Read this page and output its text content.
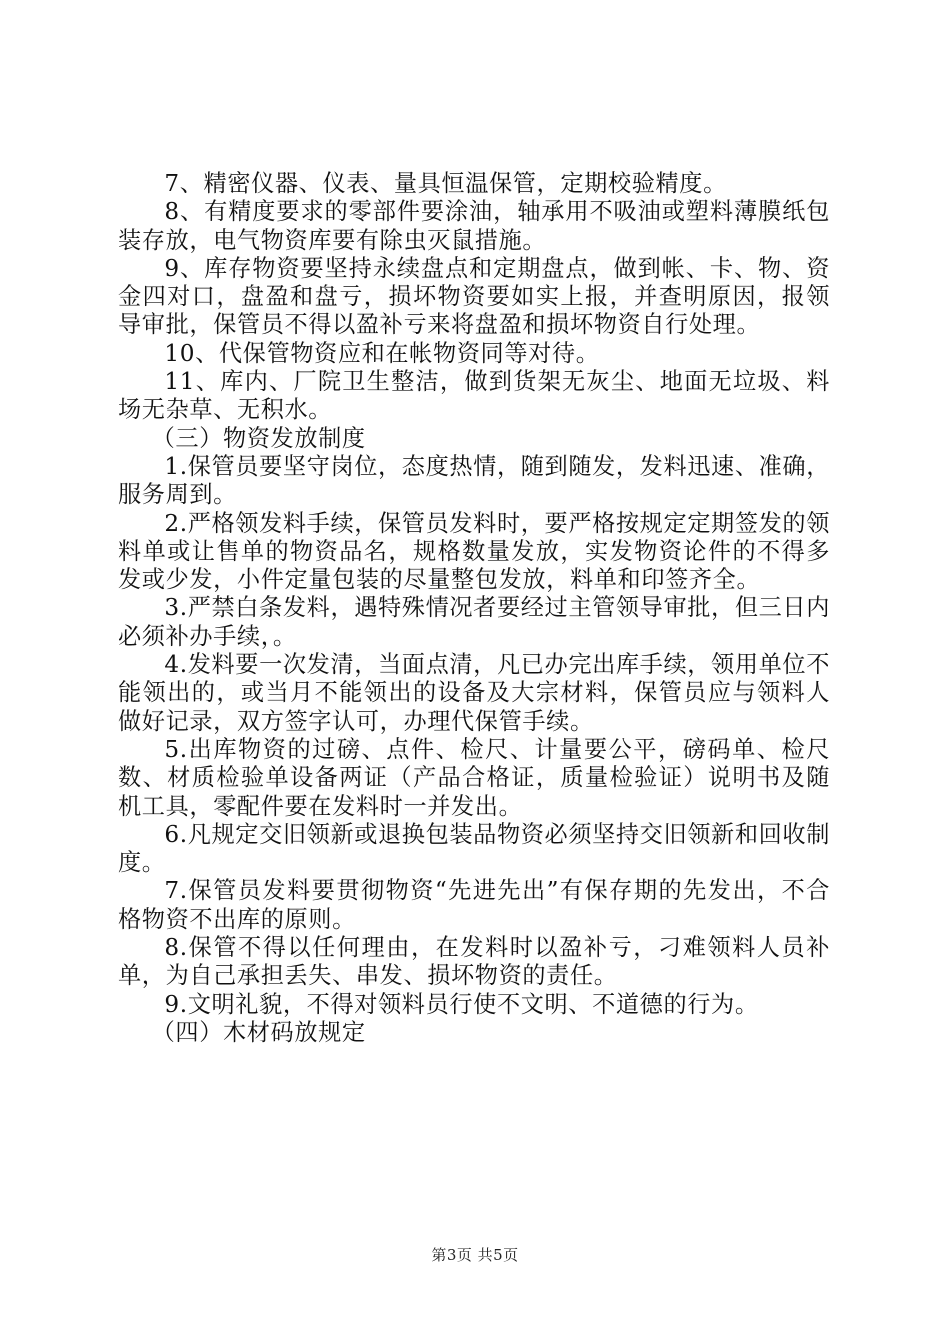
7、精密仪器、仪表、量具恒温保管，定期校验精度。

8、有精度要求的零部件要涂油，轴承用不吸油或塑料薄膜纸包装存放，电气物资库要有除虫灭鼠措施。

9、库存物资要坚持永续盘点和定期盘点，做到帐、卡、物、资金四对口，盘盈和盘亏，损坏物资要如实上报，并查明原因，报领导审批，保管员不得以盈补亏来将盘盈和损坏物资自行处理。

10、代保管物资应和在帐物资同等对待。

11、库内、厂院卫生整洁，做到货架无灰尘、地面无垃圾、料场无杂草、无积水。

（三）物资发放制度

1.保管员要坚守岗位，态度热情，随到随发，发料迅速、准确，服务周到。

2.严格领发料手续，保管员发料时，要严格按规定定期签发的领料单或让售单的物资品名，规格数量发放，实发物资论件的不得多发或少发，小件定量包装的尽量整包发放，料单和印签齐全。

3.严禁白条发料，遇特殊情况者要经过主管领导审批，但三日内必须补办手续，。

4.发料要一次发清，当面点清，凡已办完出库手续，领用单位不能领出的，或当月不能领出的设备及大宗材料，保管员应与领料人做好记录，双方签字认可，办理代保管手续。

5.出库物资的过磅、点件、检尺、计量要公平，磅码单、检尺数、材质检验单设备两证（产品合格证，质量检验证）说明书及随机工具，零配件要在发料时一并发出。

6.凡规定交旧领新或退换包装品物资必须坚持交旧领新和回收制度。

7.保管员发料要贯彻物资“先进先出”有保存期的先发出，不合格物资不出库的原则。

8.保管不得以任何理由，在发料时以盈补亏，刁难领料人员补单，为自己承担丢失、串发、损坏物资的责任。

9.文明礼貌，不得对领料员行使不文明、不道德的行为。

（四）木材码放规定

第3页 共5页
